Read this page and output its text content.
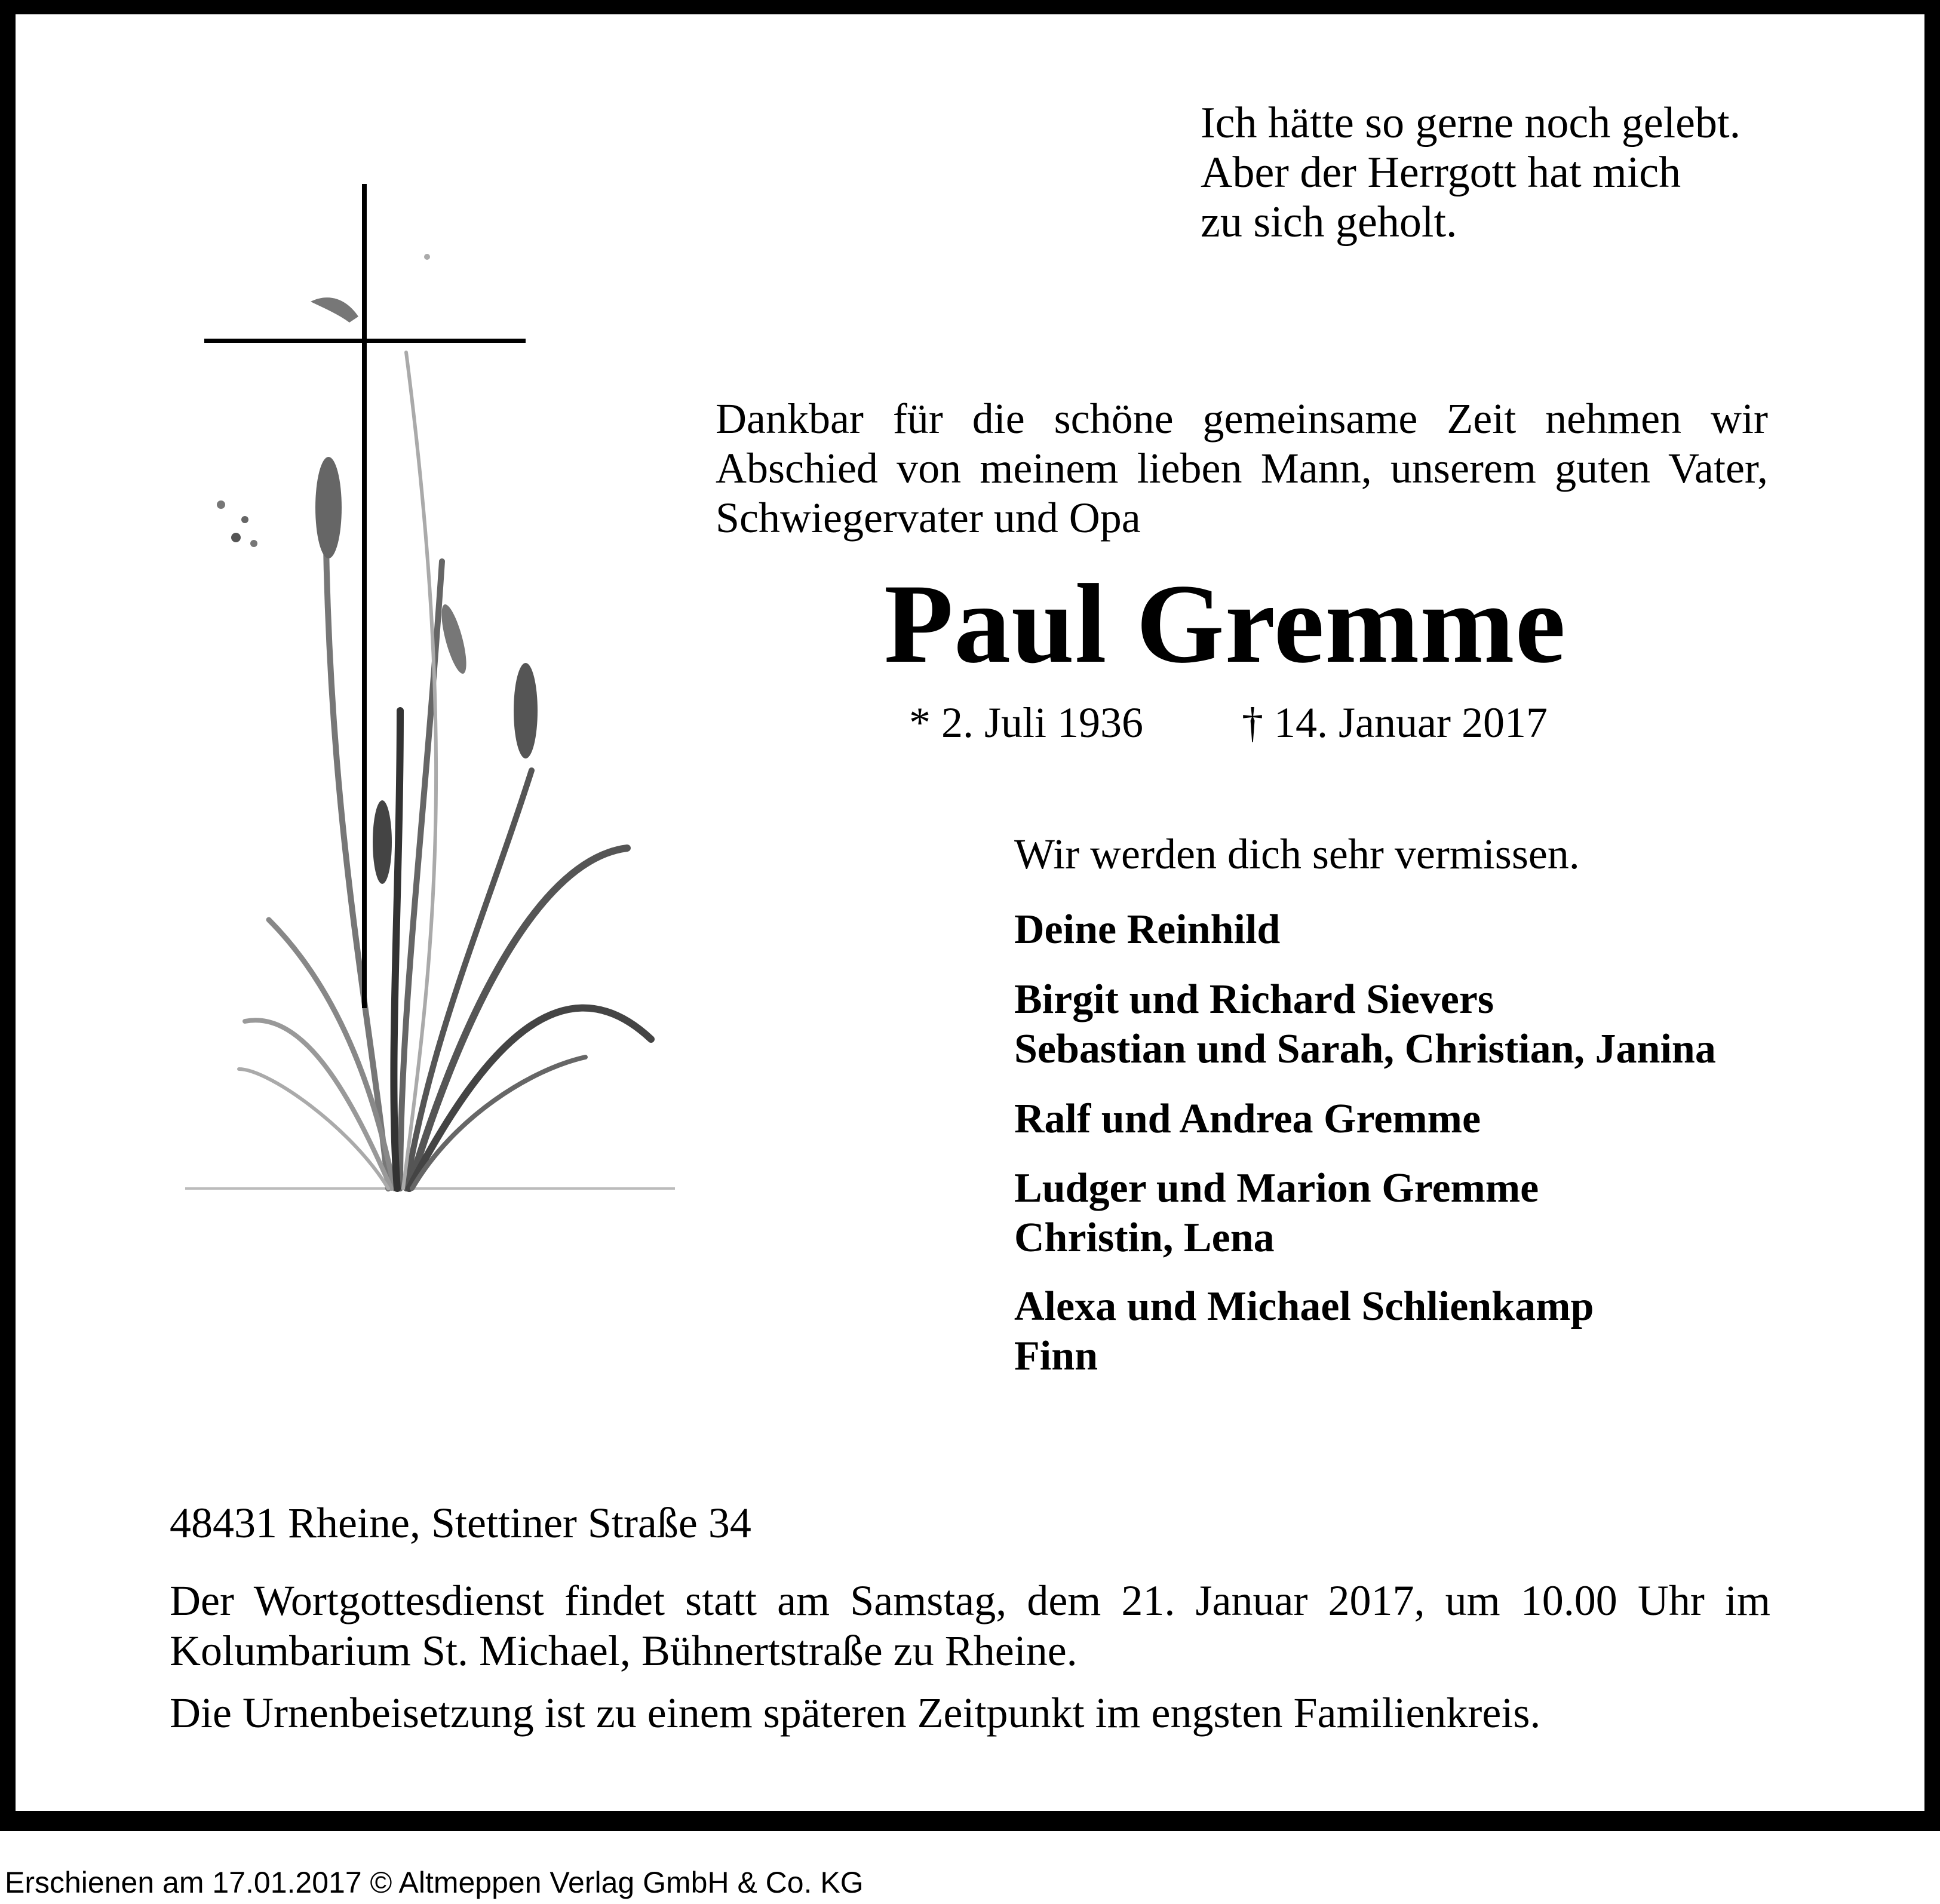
Ich hätte so gerne noch gelebt.
Aber der Herrgott hat mich
zu sich geholt.
Dankbar für die schöne gemeinsame Zeit nehmen wir
Abschied von meinem lieben Mann, unserem guten Vater,
Schwiegervater und Opa
Paul Gremme
* 2. Juli 1936 † 14. Januar 2017
Wir werden dich sehr vermissen.
Deine Reinhild
Birgit und Richard Sievers
Sebastian und Sarah, Christian, Janina
Ralf und Andrea Gremme
Ludger und Marion Gremme
Christin, Lena
Alexa und Michael Schlienkamp
Finn
48431 Rheine, Stettiner Straße 34
Der Wortgottesdienst findet statt am Samstag, dem 21. Januar 2017, um 10.00 Uhr im
Kolumbarium St. Michael, Bühnertstraße zu Rheine.
Die Urnenbeisetzung ist zu einem späteren Zeitpunkt im engsten Familienkreis.
Erschienen am 17.01.2017 © Altmeppen Verlag GmbH & Co. KG
